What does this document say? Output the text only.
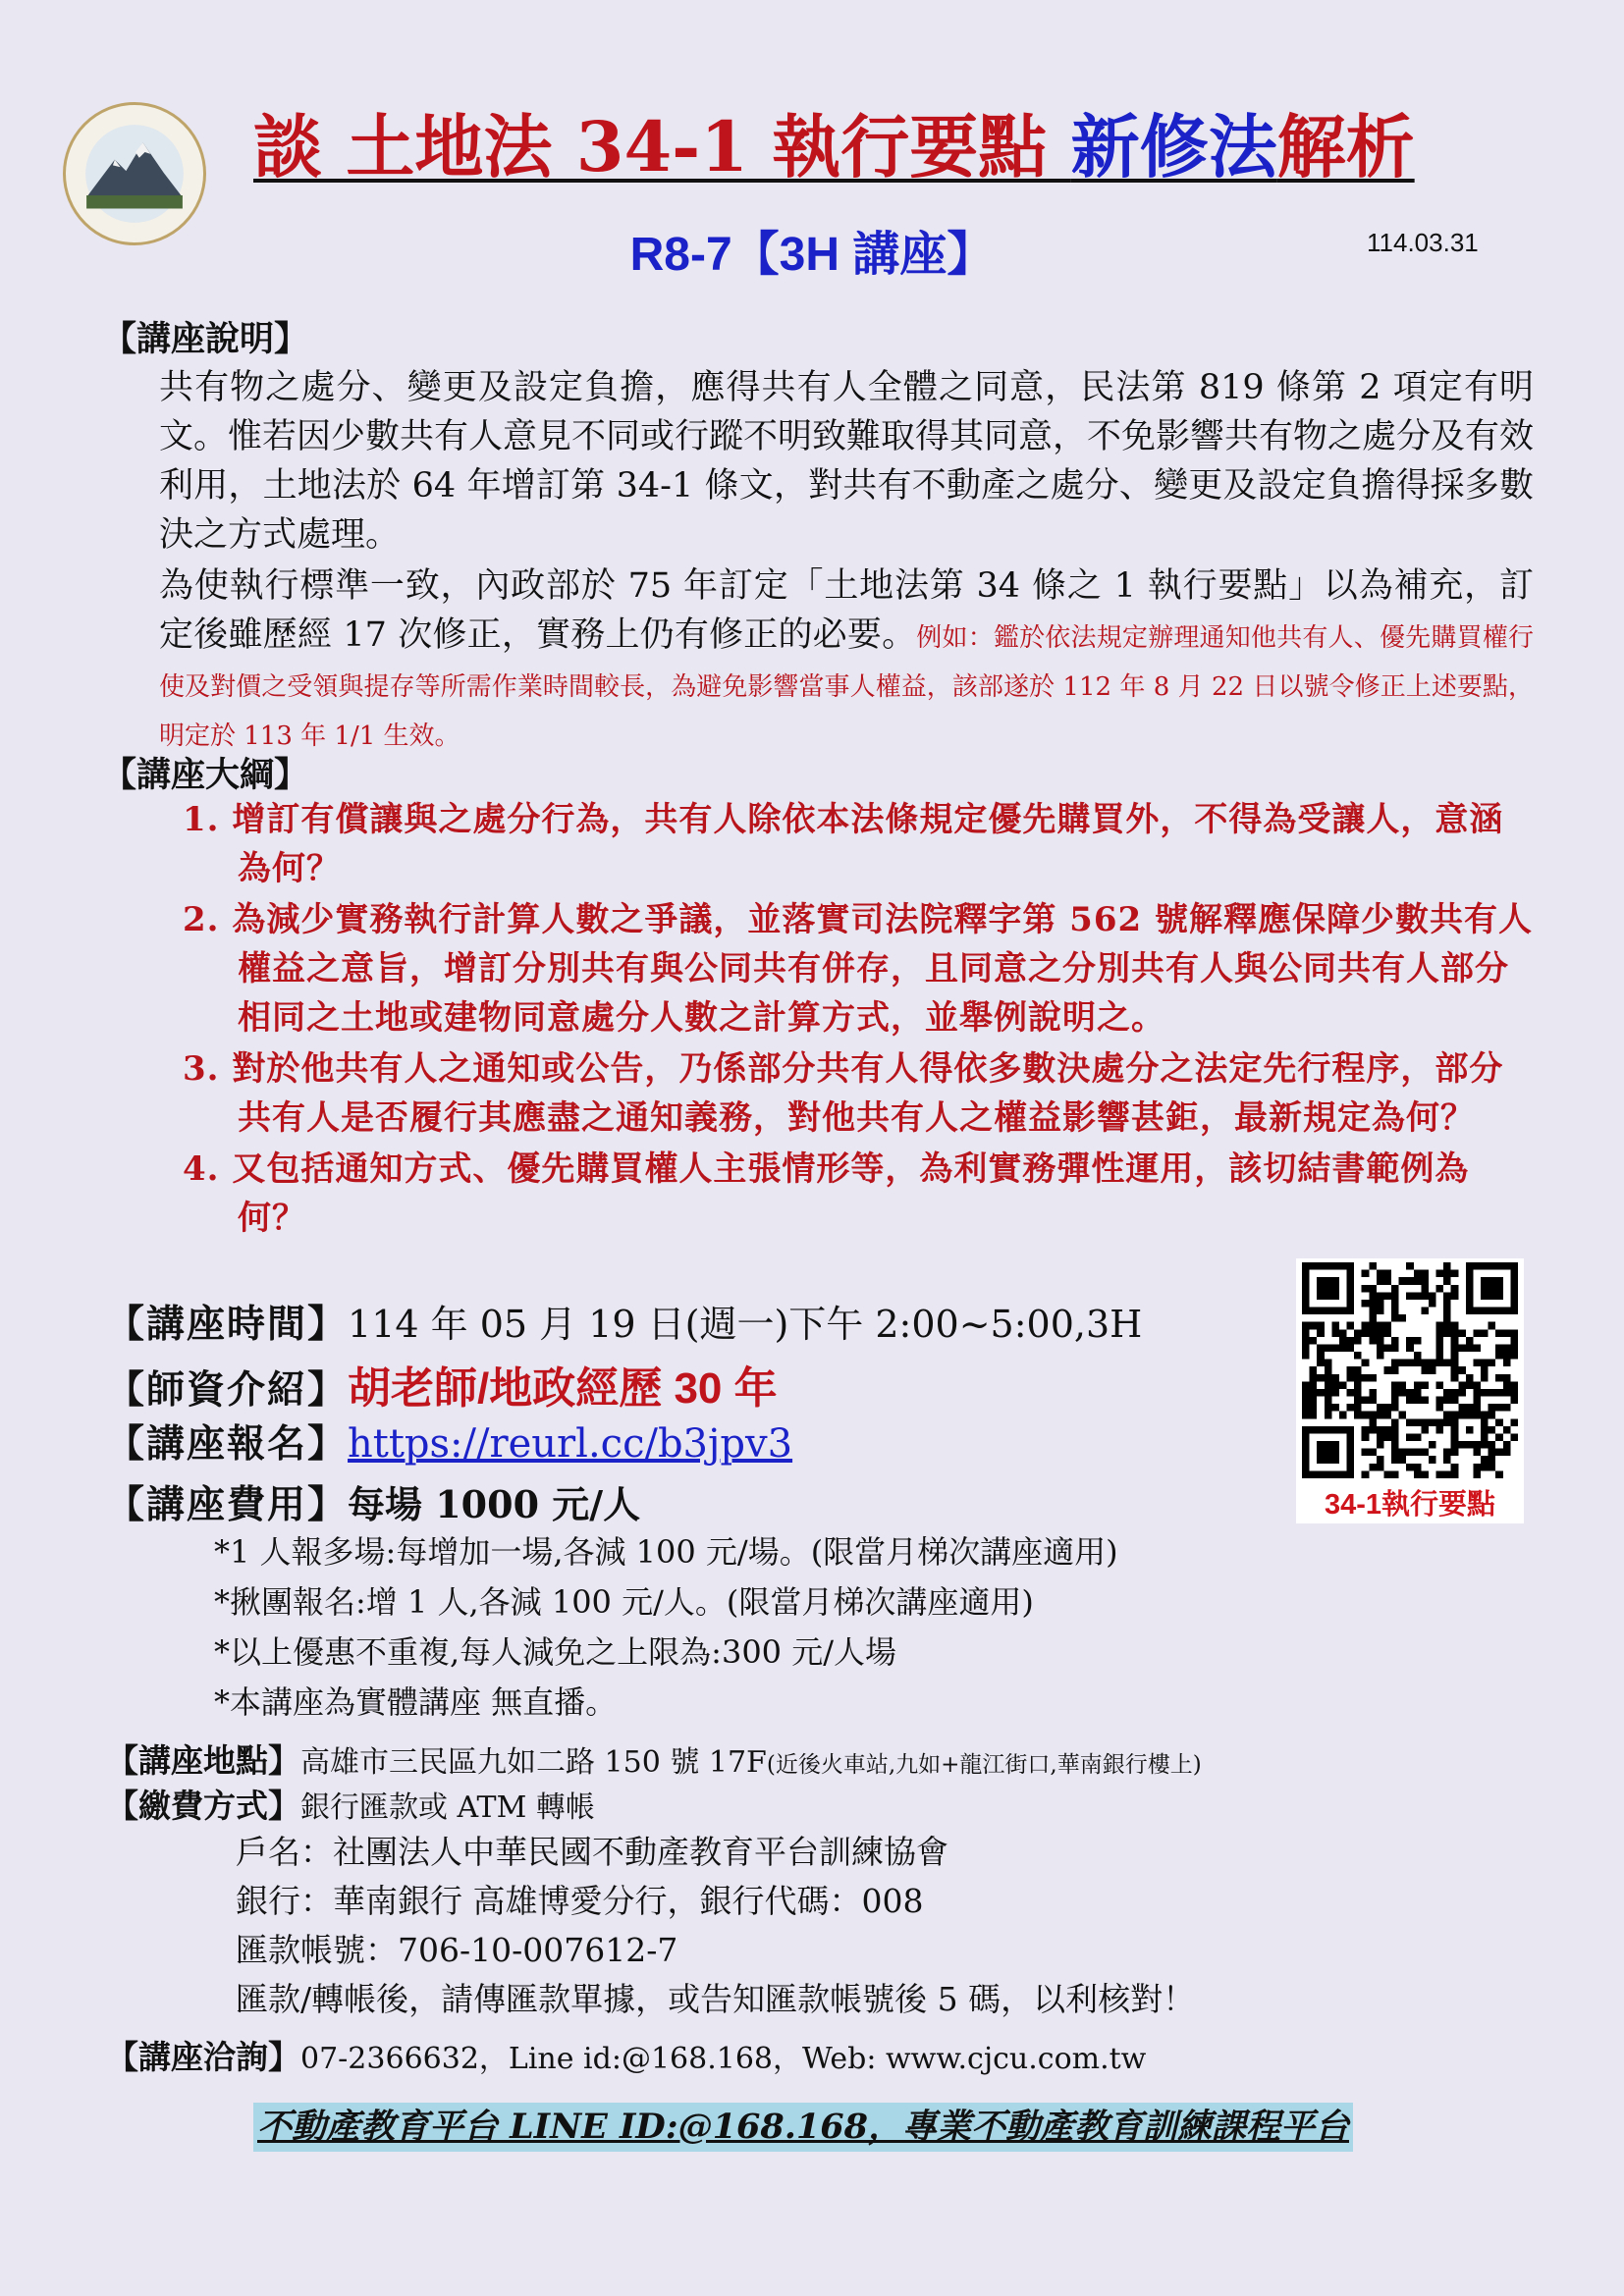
談 土地法 34-1 執行要點 新修法解析
R8-7【3H 講座】	114.03.31
【講座說明】
共有物之處分、變更及設定負擔，應得共有人全體之同意，民法第 819 條第 2 項定有明文。惟若因少數共有人意見不同或行蹤不明致難取得其同意，不免影響共有物之處分及有效利用，土地法於 64 年增訂第 34-1 條文，對共有不動產之處分、變更及設定負擔得採多數決之方式處理。
為使執行標準一致，內政部於 75 年訂定「土地法第 34 條之 1 執行要點」以為補充，訂定後雖歷經 17 次修正，實務上仍有修正的必要。例如：鑑於依法規定辦理通知他共有人、優先購買權行使及對價之受領與提存等所需作業時間較長，為避免影響當事人權益，該部遂於 112 年 8 月 22 日以號令修正上述要點，明定於 113 年 1/1 生效。
【講座大綱】
1. 增訂有償讓與之處分行為，共有人除依本法條規定優先購買外，不得為受讓人，意涵為何？
2. 為減少實務執行計算人數之爭議，並落實司法院釋字第 562 號解釋應保障少數共有人權益之意旨，增訂分別共有與公同共有併存，且同意之分別共有人與公同共有人部分相同之土地或建物同意處分人數之計算方式，並舉例說明之。
3. 對於他共有人之通知或公告，乃係部分共有人得依多數決處分之法定先行程序，部分共有人是否履行其應盡之通知義務，對他共有人之權益影響甚鉅，最新規定為何？
4. 又包括通知方式、優先購買權人主張情形等，為利實務彈性運用，該切結書範例為何？
【講座時間】114 年 05 月 19 日(週一)下午 2:00~5:00,3H
【師資介紹】胡老師/地政經歷 30 年
【講座報名】https://reurl.cc/b3jpv3
【講座費用】每場 1000 元/人
*1 人報多場:每增加一場,各減 100 元/場。(限當月梯次講座適用)
*揪團報名:增 1 人,各減 100 元/人。(限當月梯次講座適用)
*以上優惠不重複,每人減免之上限為:300 元/人場
*本講座為實體講座 無直播。
【講座地點】高雄市三民區九如二路 150 號 17F(近後火車站,九如+龍江街口,華南銀行樓上)
【繳費方式】銀行匯款或 ATM 轉帳
戶名：社團法人中華民國不動產教育平台訓練協會
銀行：華南銀行 高雄博愛分行，銀行代碼：008
匯款帳號：706-10-007612-7
匯款/轉帳後，請傳匯款單據，或告知匯款帳號後 5 碼，以利核對！
【講座洽詢】07-2366632，Line id:@168.168，Web: www.cjcu.com.tw
34-1執行要點
不動產教育平台 LINE ID:@168.168，專業不動產教育訓練課程平台
